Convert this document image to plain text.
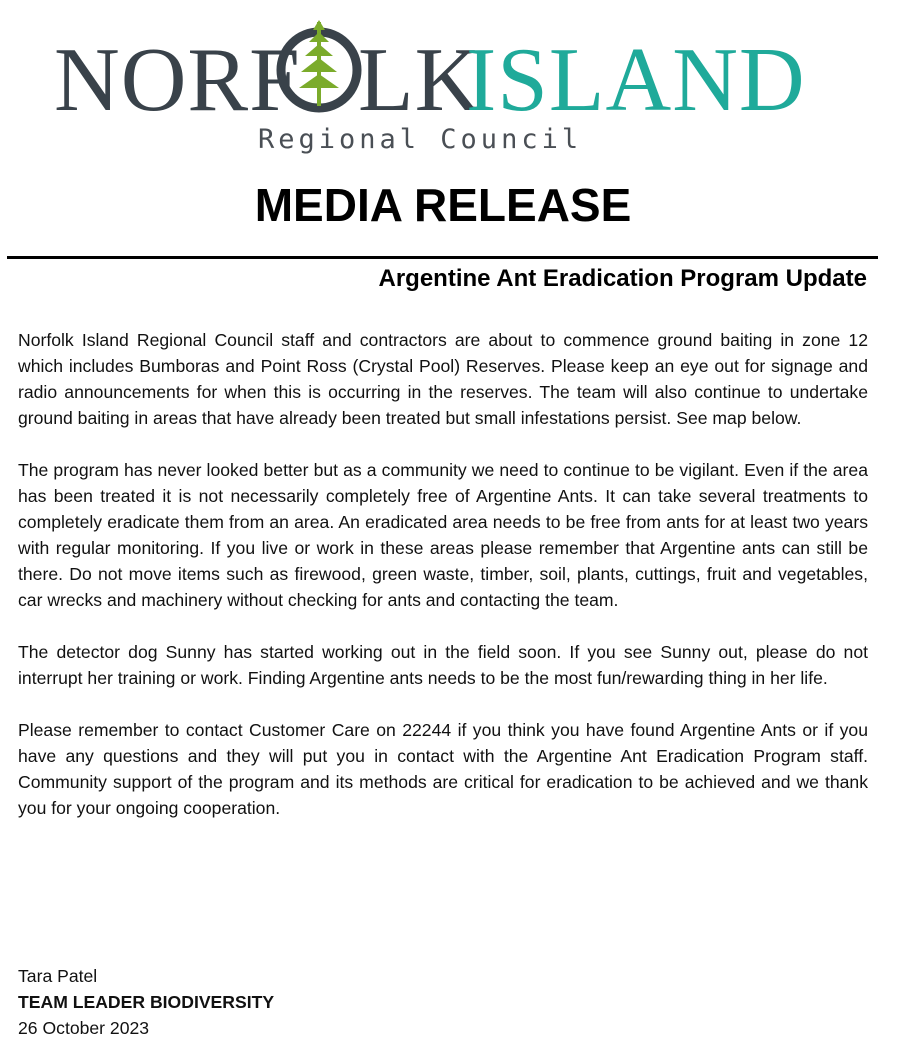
NORF LK
ISLAND
Regional Council
MEDIA RELEASE
Argentine Ant Eradication Program Update

Norfolk Island Regional Council staff and contractors are about to commence ground baiting in zone 12 which includes Bumboras and Point Ross (Crystal Pool) Reserves. Please keep an eye out for signage and radio announcements for when this is occurring in the reserves. The team will also continue to undertake ground baiting in areas that have already been treated but small infestations persist. See map below.

The program has never looked better but as a community we need to continue to be vigilant. Even if the area has been treated it is not necessarily completely free of Argentine Ants. It can take several treatments to completely eradicate them from an area. An eradicated area needs to be free from ants for at least two years with regular monitoring. If you live or work in these areas please remember that Argentine ants can still be there. Do not move items such as firewood, green waste, timber, soil, plants, cuttings, fruit and vegetables, car wrecks and machinery without checking for ants and contacting the team.

The detector dog Sunny has started working out in the field soon. If you see Sunny out, please do not interrupt her training or work. Finding Argentine ants needs to be the most fun/rewarding thing in her life.

Please remember to contact Customer Care on 22244 if you think you have found Argentine Ants or if you have any questions and they will put you in contact with the Argentine Ant Eradication Program staff. Community support of the program and its methods are critical for eradication to be achieved and we thank you for your ongoing cooperation.

Tara Patel
TEAM LEADER BIODIVERSITY
26 October 2023
